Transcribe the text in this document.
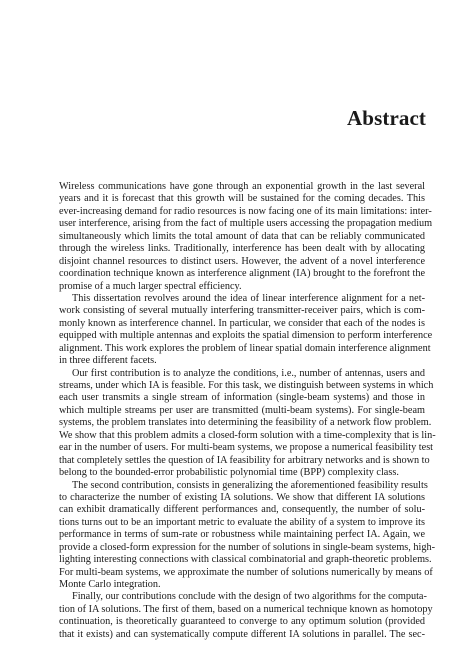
Abstract
Wireless communications have gone through an exponential growth in the last several
years and it is forecast that this growth will be sustained for the coming decades. This
ever-increasing demand for radio resources is now facing one of its main limitations: inter-
user interference, arising from the fact of multiple users accessing the propagation medium
simultaneously which limits the total amount of data that can be reliably communicated
through the wireless links. Traditionally, interference has been dealt with by allocating
disjoint channel resources to distinct users. However, the advent of a novel interference
coordination technique known as interference alignment (IA) brought to the forefront the
promise of a much larger spectral efficiency.
This dissertation revolves around the idea of linear interference alignment for a net-
work consisting of several mutually interfering transmitter-receiver pairs, which is com-
monly known as interference channel. In particular, we consider that each of the nodes is
equipped with multiple antennas and exploits the spatial dimension to perform interference
alignment. This work explores the problem of linear spatial domain interference alignment
in three different facets.
Our first contribution is to analyze the conditions, i.e., number of antennas, users and
streams, under which IA is feasible. For this task, we distinguish between systems in which
each user transmits a single stream of information (single-beam systems) and those in
which multiple streams per user are transmitted (multi-beam systems). For single-beam
systems, the problem translates into determining the feasibility of a network flow problem.
We show that this problem admits a closed-form solution with a time-complexity that is lin-
ear in the number of users. For multi-beam systems, we propose a numerical feasibility test
that completely settles the question of IA feasibility for arbitrary networks and is shown to
belong to the bounded-error probabilistic polynomial time (BPP) complexity class.
The second contribution, consists in generalizing the aforementioned feasibility results
to characterize the number of existing IA solutions. We show that different IA solutions
can exhibit dramatically different performances and, consequently, the number of solu-
tions turns out to be an important metric to evaluate the ability of a system to improve its
performance in terms of sum-rate or robustness while maintaining perfect IA. Again, we
provide a closed-form expression for the number of solutions in single-beam systems, high-
lighting interesting connections with classical combinatorial and graph-theoretic problems.
For multi-beam systems, we approximate the number of solutions numerically by means of
Monte Carlo integration.
Finally, our contributions conclude with the design of two algorithms for the computa-
tion of IA solutions. The first of them, based on a numerical technique known as homotopy
continuation, is theoretically guaranteed to converge to any optimum solution (provided
that it exists) and can systematically compute different IA solutions in parallel. The sec-
